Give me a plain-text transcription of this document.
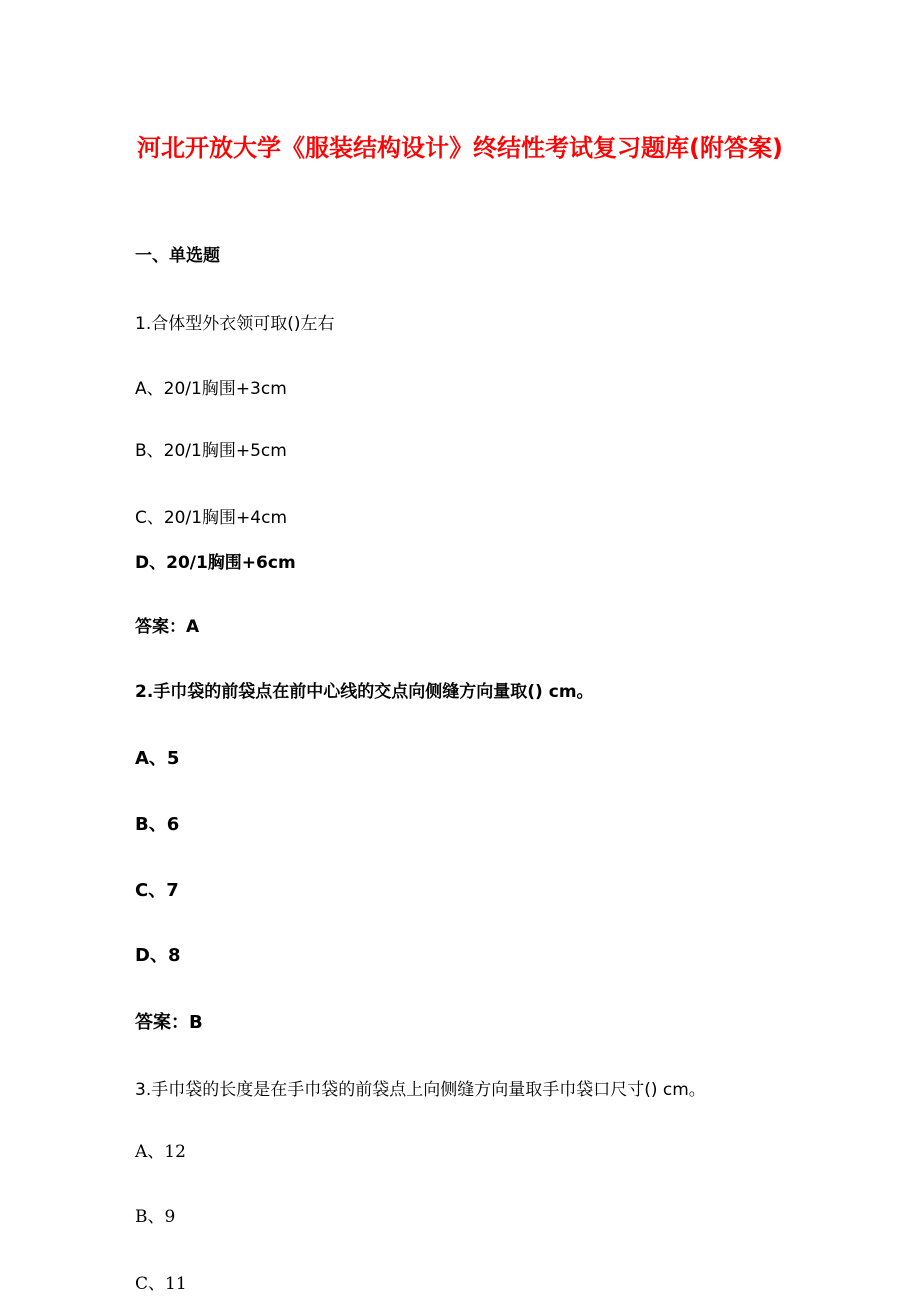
河北开放大学《服装结构设计》终结性考试复习题库(附答案)
一、单选题
1.合体型外衣领可取()左右
A、20/1胸围+3cm
B、20/1胸围+5cm
C、20/1胸围+4cm
D、20/1胸围+6cm
答案：A
2.手巾袋的前袋点在前中心线的交点向侧缝方向量取() cm。
A、5
B、6
C、7
D、8
答案：B
3.手巾袋的长度是在手巾袋的前袋点上向侧缝方向量取手巾袋口尺寸() cm。
A、12
B、9
C、11
